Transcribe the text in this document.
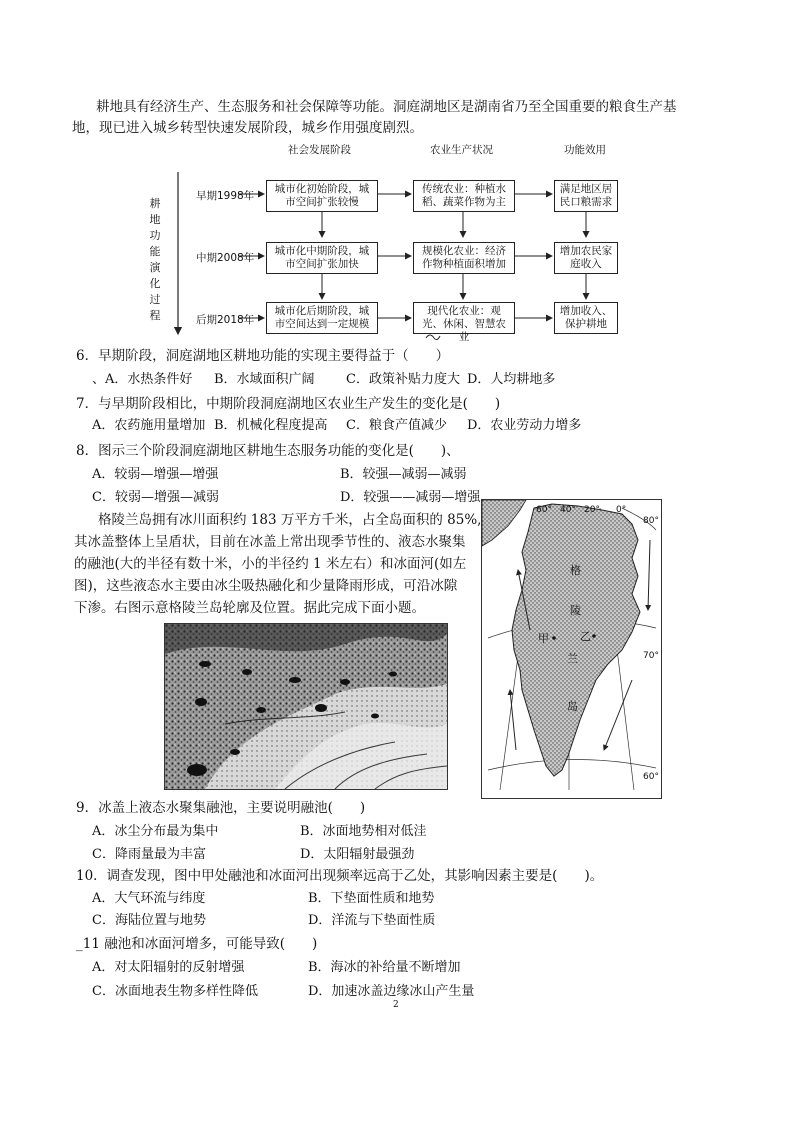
耕地具有经济生产、生态服务和社会保障等功能。洞庭湖地区是湖南省乃至全国重要的粮食生产基
地，现已进入城乡转型快速发展阶段，城乡作用强度剧烈。
社会发展阶段	农业生产状况	功能效用
耕地功能演化过程
早期1998年
中期2008年
后期2018年
城市化初始阶段，城市空间扩张较慢
城市化中期阶段，城市空间扩张加快
城市化后期阶段，城市空间达到一定规模
传统农业：种植水稻、蔬菜作物为主
规模化农业：经济作物种植面积增加
现代化农业：观光、休闲、智慧农业
满足地区居民口粮需求
增加农民家庭收入
增加收入、保护耕地
6．早期阶段，洞庭湖地区耕地功能的实现主要得益于（　　）
、A．水热条件好 B．水域面积广阔 C．政策补贴力度大 D．人均耕地多
7．与早期阶段相比，中期阶段洞庭湖地区农业生产发生的变化是(　　)
A．农药施用量增加 B．机械化程度提高 C．粮食产值减少 D．农业劳动力增多
8．图示三个阶段洞庭湖地区耕地生态服务功能的变化是(　　)、
A．较弱—增强—增强	B．较强—减弱—减弱
C．较弱—增强—减弱	D．较强——减弱—增强
格陵兰岛拥有冰川面积约 183 万平方千米，占全岛面积的 85%,
其冰盖整体上呈盾状，目前在冰盖上常出现季节性的、液态水聚集
的融池(大的半径有数十米，小的半径约 1 米左右）和冰面河(如左
图)，这些液态水主要由冰尘吸热融化和少量降雨形成，可沿冰隙
下渗。右图示意格陵兰岛轮廓及位置。据此完成下面小题。
60° 40° 20° 0°
80°
70°
60°
格
陵
兰
岛
甲	乙
9．冰盖上液态水聚集融池，主要说明融池(　　)
A．冰尘分布最为集中	B．冰面地势相对低洼
C．降雨量最为丰富	D．太阳辐射最强劲
10．调查发现，图中甲处融池和冰面河出现频率远高于乙处，其影响因素主要是(　　)。
A．大气环流与纬度	B．下垫面性质和地势
C．海陆位置与地势	D．洋流与下垫面性质
_11 融池和冰面河增多，可能导致(　　)
A．对太阳辐射的反射增强	B．海冰的补给量不断增加
C．冰面地表生物多样性降低	D．加速冰盖边缘冰山产生量
2
